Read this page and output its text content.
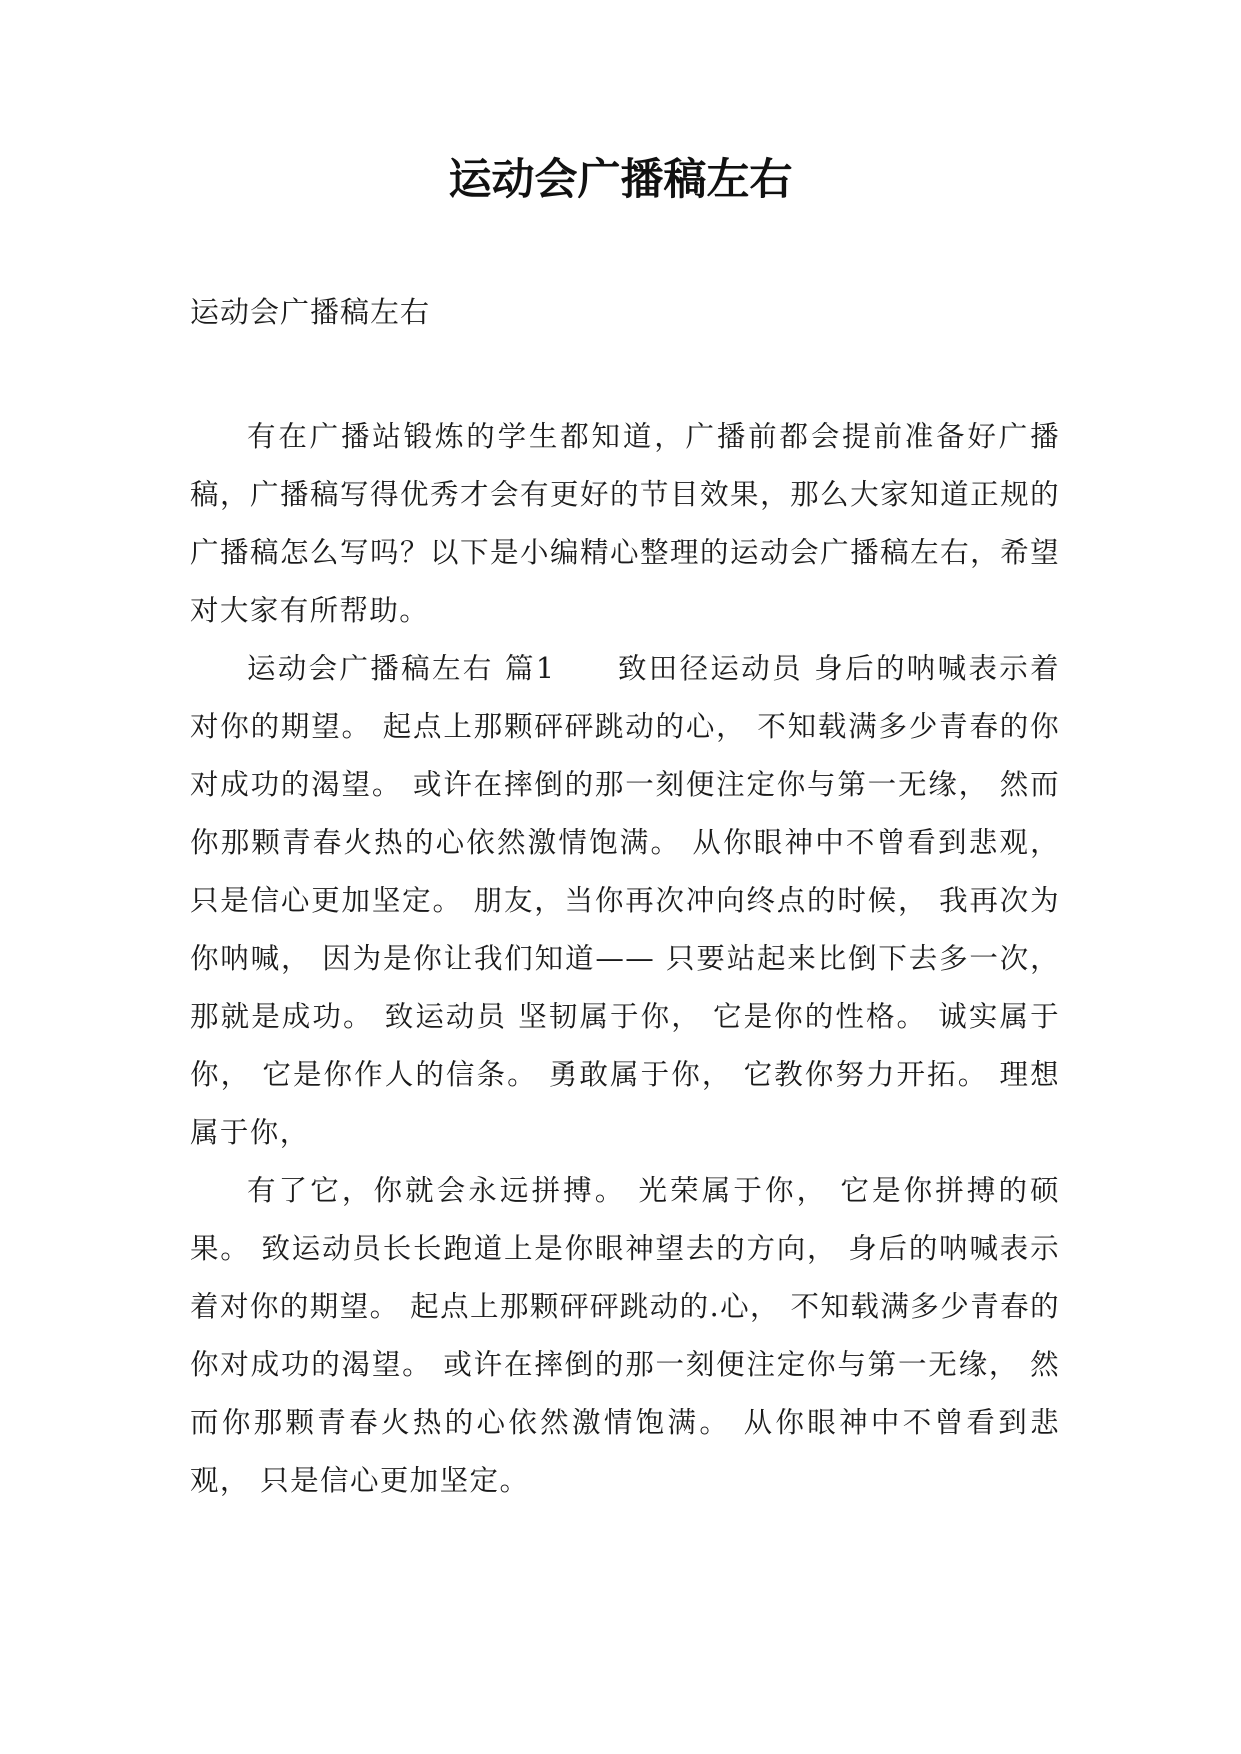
运动会广播稿左右

运动会广播稿左右

有在广播站锻炼的学生都知道，广播前都会提前准备好广播稿，广播稿写得优秀才会有更好的节目效果，那么大家知道正规的广播稿怎么写吗？以下是小编精心整理的运动会广播稿左右，希望对大家有所帮助。

运动会广播稿左右 篇1　　致田径运动员 身后的呐喊表示着对你的期望。 起点上那颗砰砰跳动的心， 不知载满多少青春的你对成功的渴望。 或许在摔倒的那一刻便注定你与第一无缘， 然而你那颗青春火热的心依然激情饱满。 从你眼神中不曾看到悲观， 只是信心更加坚定。 朋友，当你再次冲向终点的时候， 我再次为你呐喊， 因为是你让我们知道—— 只要站起来比倒下去多一次，那就是成功。 致运动员 坚韧属于你， 它是你的性格。 诚实属于你， 它是你作人的信条。 勇敢属于你， 它教你努力开拓。 理想属于你，

有了它，你就会永远拼搏。 光荣属于你， 它是你拼搏的硕果。 致运动员长长跑道上是你眼神望去的方向， 身后的呐喊表示着对你的期望。 起点上那颗砰砰跳动的.心， 不知载满多少青春的你对成功的渴望。 或许在摔倒的那一刻便注定你与第一无缘， 然而你那颗青春火热的心依然激情饱满。 从你眼神中不曾看到悲观， 只是信心更加坚定。
